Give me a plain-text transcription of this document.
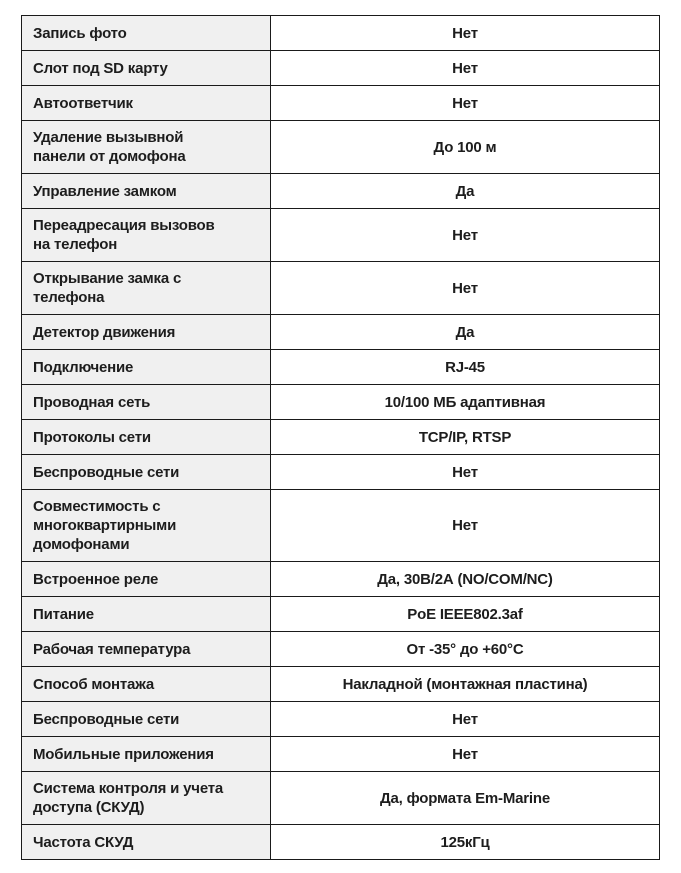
Запись фото	Нет
Слот под SD карту	Нет
Автоответчик	Нет
Удаление вызывной панели от домофона	До 100 м
Управление замком	Да
Переадресация вызовов на телефон	Нет
Открывание замка с телефона	Нет
Детектор движения	Да
Подключение	RJ-45
Проводная сеть	10/100 МБ адаптивная
Протоколы сети	TCP/IP, RTSP
Беспроводные сети	Нет
Совместимость с многоквартирными домофонами	Нет
Встроенное реле	Да, 30В/2А (NO/COM/NC)
Питание	PoE IEEE802.3af
Рабочая температура	От -35° до +60°С
Способ монтажа	Накладной (монтажная пластина)
Беспроводные сети	Нет
Мобильные приложения	Нет
Система контроля и учета доступа (СКУД)	Да, формата Em-Marine
Частота СКУД	125кГц
